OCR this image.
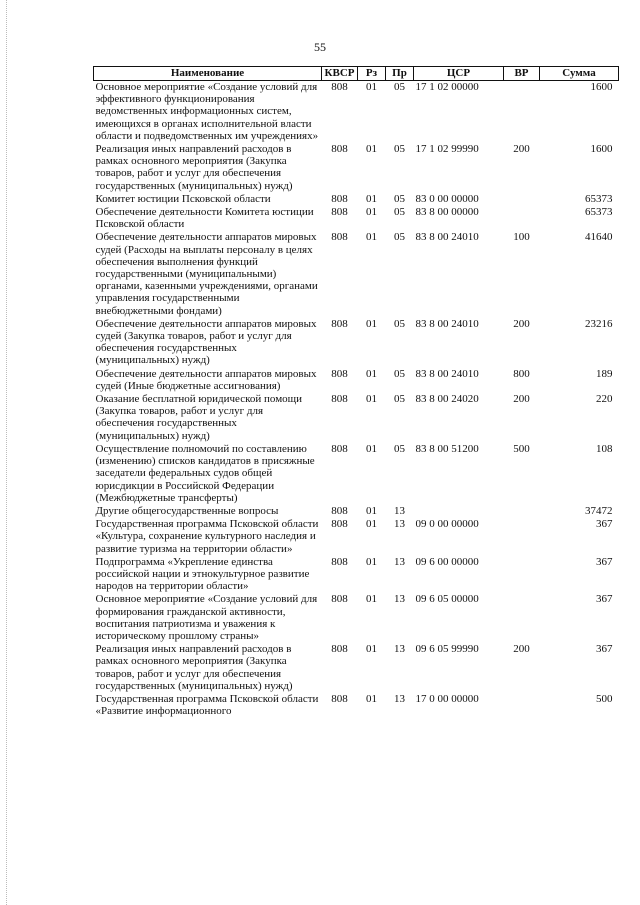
55
Наименование	КВСР	Рз	Пр	ЦСР	ВР	Сумма
Основное мероприятие «Создание условий для эффективного функционирования ведомственных информационных систем, имеющихся в органах исполнительной власти области и подведомственных им учреждениях»	808	01	05	17 1 02 00000		1600
Реализация иных направлений расходов в рамках основного мероприятия (Закупка товаров, работ и услуг для обеспечения государственных (муниципальных) нужд)	808	01	05	17 1 02 99990	200	1600
Комитет юстиции Псковской области	808	01	05	83 0 00 00000		65373
Обеспечение деятельности Комитета юстиции Псковской области	808	01	05	83 8 00 00000		65373
Обеспечение деятельности аппаратов мировых судей (Расходы на выплаты персоналу в целях обеспечения выполнения функций государственными (муниципальными) органами, казенными учреждениями, органами управления государственными внебюджетными фондами)	808	01	05	83 8 00 24010	100	41640
Обеспечение деятельности аппаратов мировых судей (Закупка товаров, работ и услуг для обеспечения государственных (муниципальных) нужд)	808	01	05	83 8 00 24010	200	23216
Обеспечение деятельности аппаратов мировых судей (Иные бюджетные ассигнования)	808	01	05	83 8 00 24010	800	189
Оказание бесплатной юридической помощи (Закупка товаров, работ и услуг для обеспечения государственных (муниципальных) нужд)	808	01	05	83 8 00 24020	200	220
Осуществление полномочий по составлению (изменению) списков кандидатов в присяжные заседатели федеральных судов общей юрисдикции в Российской Федерации (Межбюджетные трансферты)	808	01	05	83 8 00 51200	500	108
Другие общегосударственные вопросы	808	01	13			37472
Государственная программа Псковской области «Культура, сохранение культурного наследия и развитие туризма на территории области»	808	01	13	09 0 00 00000		367
Подпрограмма «Укрепление единства российской нации и этнокультурное развитие народов на территории области»	808	01	13	09 6 00 00000		367
Основное мероприятие «Создание условий для формирования гражданской активности, воспитания патриотизма и уважения к историческому прошлому страны»	808	01	13	09 6 05 00000		367
Реализация иных направлений расходов в рамках основного мероприятия (Закупка товаров, работ и услуг для обеспечения государственных (муниципальных) нужд)	808	01	13	09 6 05 99990	200	367
Государственная программа Псковской области «Развитие информационного	808	01	13	17 0 00 00000		500
